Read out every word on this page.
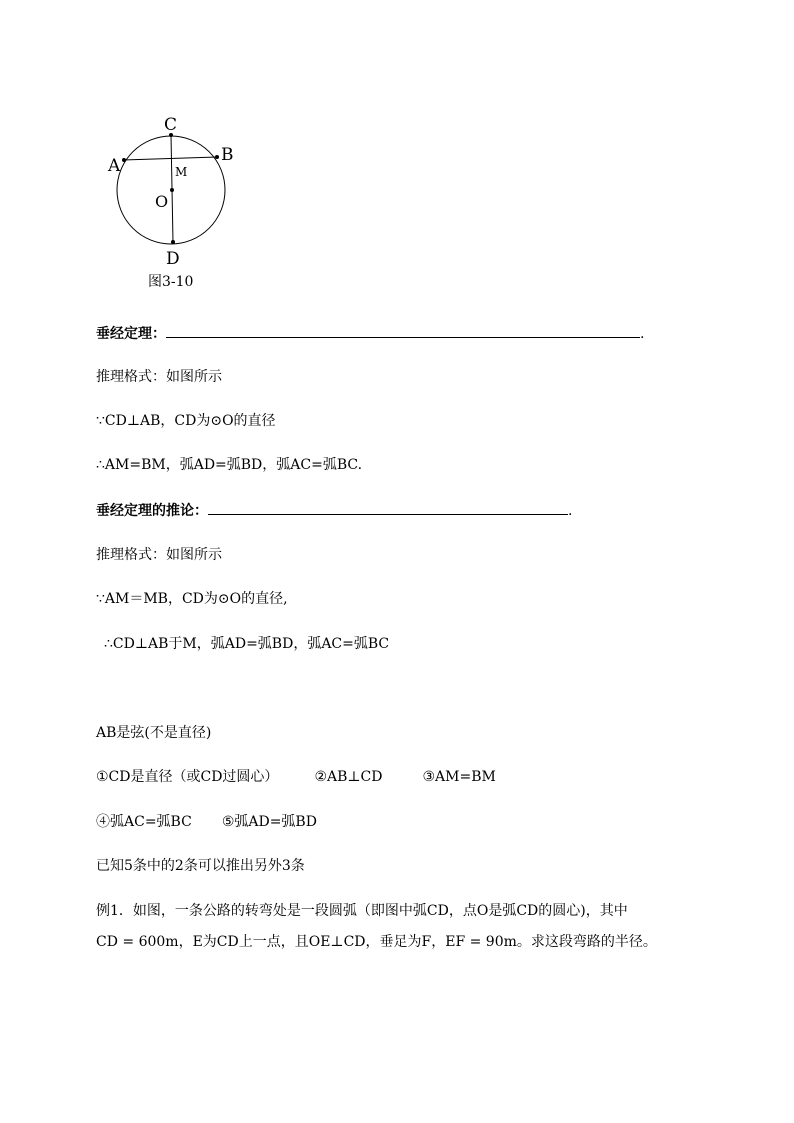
C
B
A	M
O
D
图3-10
垂经定理：	.
推理格式：如图所示
∵CD⊥AB，CD为⊙O的直径
∴AM=BM，弧AD=弧BD，弧AC=弧BC.
垂经定理的推论：	.
推理格式：如图所示
∵AM＝MB，CD为⊙O的直径,
∴CD⊥AB于M，弧AD=弧BD，弧AC=弧BC
AB是弦(不是直径)
①CD是直径（或CD过圆心）	②AB⊥CD	③AM=BM
④弧AC=弧BC ⑤弧AD=弧BD
已知5条中的2条可以推出另外3条
例1．如图，一条公路的转弯处是一段圆弧（即图中弧CD，点O是弧CD的圆心)，其中
CD = 600m，E为CD上一点，且OE⊥CD，垂足为F，EF = 90m。求这段弯路的半径。
